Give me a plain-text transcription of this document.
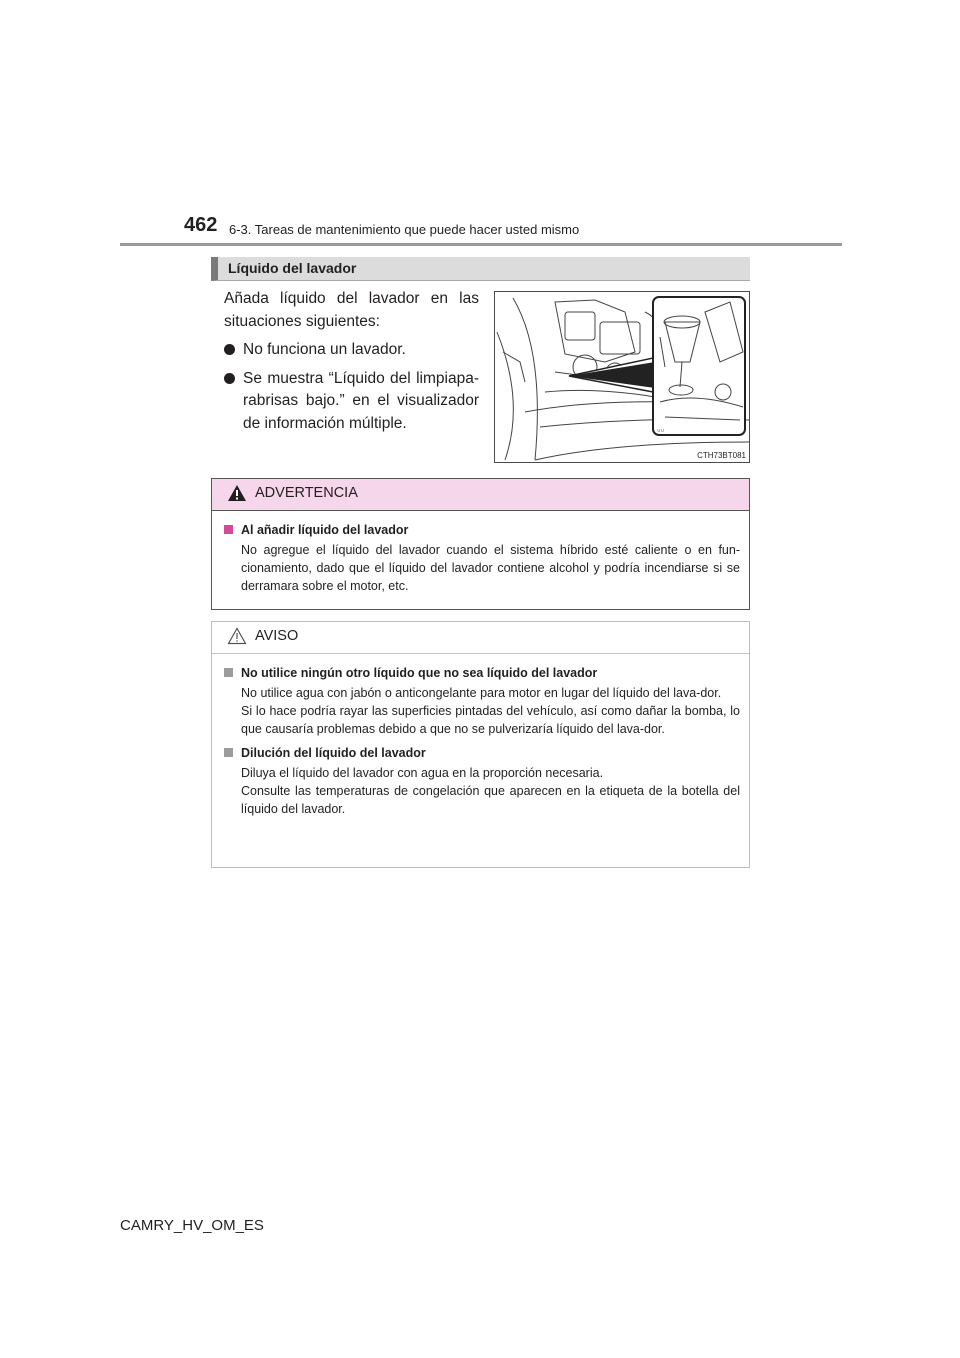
462 6-3. Tareas de mantenimiento que puede hacer usted mismo
Líquido del lavador

Añada líquido del lavador en las situaciones siguientes:

No funciona un lavador.
Se muestra “Líquido del limpiapa-rabrisas bajo.” en el visualizador de información múltiple.	∪∪
CTH73BT081
ADVERTENCIA
Al añadir líquido del lavador
No agregue el líquido del lavador cuando el sistema híbrido esté caliente o en fun-cionamiento, dado que el líquido del lavador contiene alcohol y podría incendiarse si se derramara sobre el motor, etc.
AVISO
No utilice ningún otro líquido que no sea líquido del lavador
No utilice agua con jabón o anticongelante para motor en lugar del líquido del lava-dor.
Si lo hace podría rayar las superficies pintadas del vehículo, así como dañar la bomba, lo que causaría problemas debido a que no se pulverizaría líquido del lava-dor.
Dilución del líquido del lavador
Diluya el líquido del lavador con agua en la proporción necesaria.
Consulte las temperaturas de congelación que aparecen en la etiqueta de la botella del líquido del lavador.
CAMRY_HV_OM_ES
